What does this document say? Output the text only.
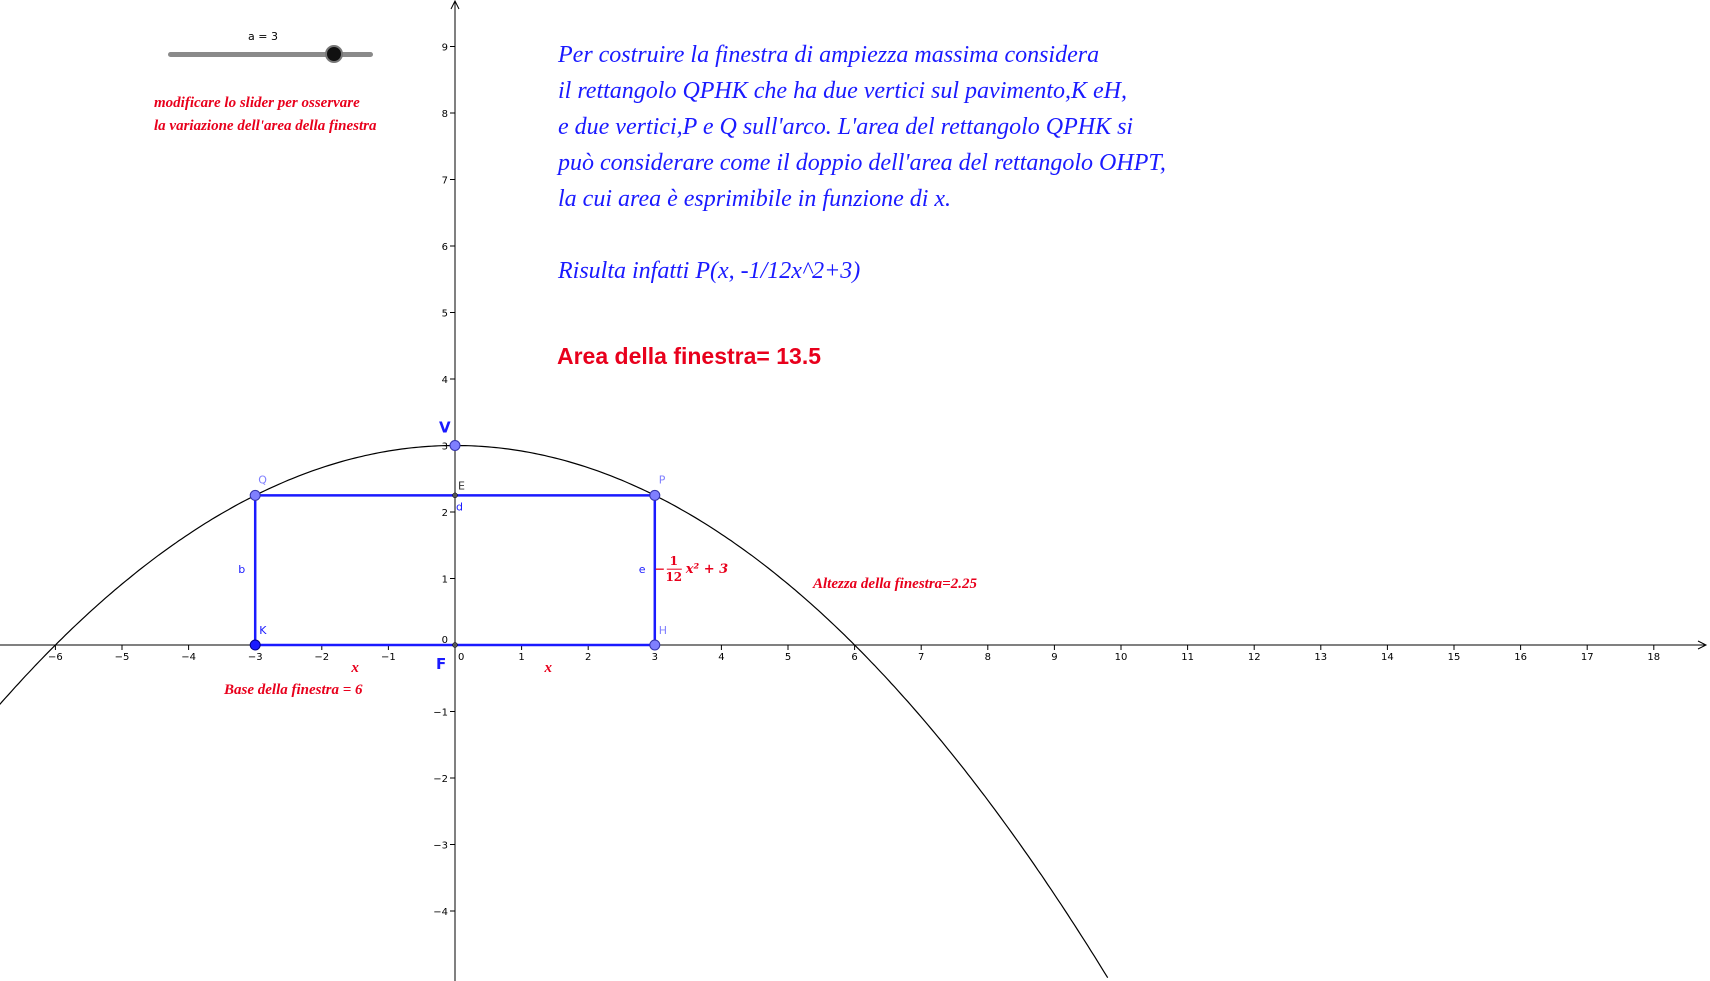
−6	−5	−4	−3	−2	−1	0	1	2	3	4	5	6	7	8	9	10	11	12	13	14	15	16	17	18
−4
−3
−2
−1
1
2
3
4
5
6
7
8
9
0
b	e
d
1
12 x² + 3
V
Q	P
K	H
E
F
x	x
Base della finestra = 6
Altezza della finestra=2.25
a = 3
modificare lo slider per osservare
la variazione dell'area della finestra
Per costruire la finestra di ampiezza massima considera
il rettangolo QPHK che ha due vertici sul pavimento,K eH,
e due vertici,P e Q sull'arco. L'area del rettangolo QPHK si
può considerare come il doppio dell'area del rettangolo OHPT,
la cui area è esprimibile in funzione di x.

Risulta infatti P(x, -1/12x^2+3)
Area della finestra= 13.5
